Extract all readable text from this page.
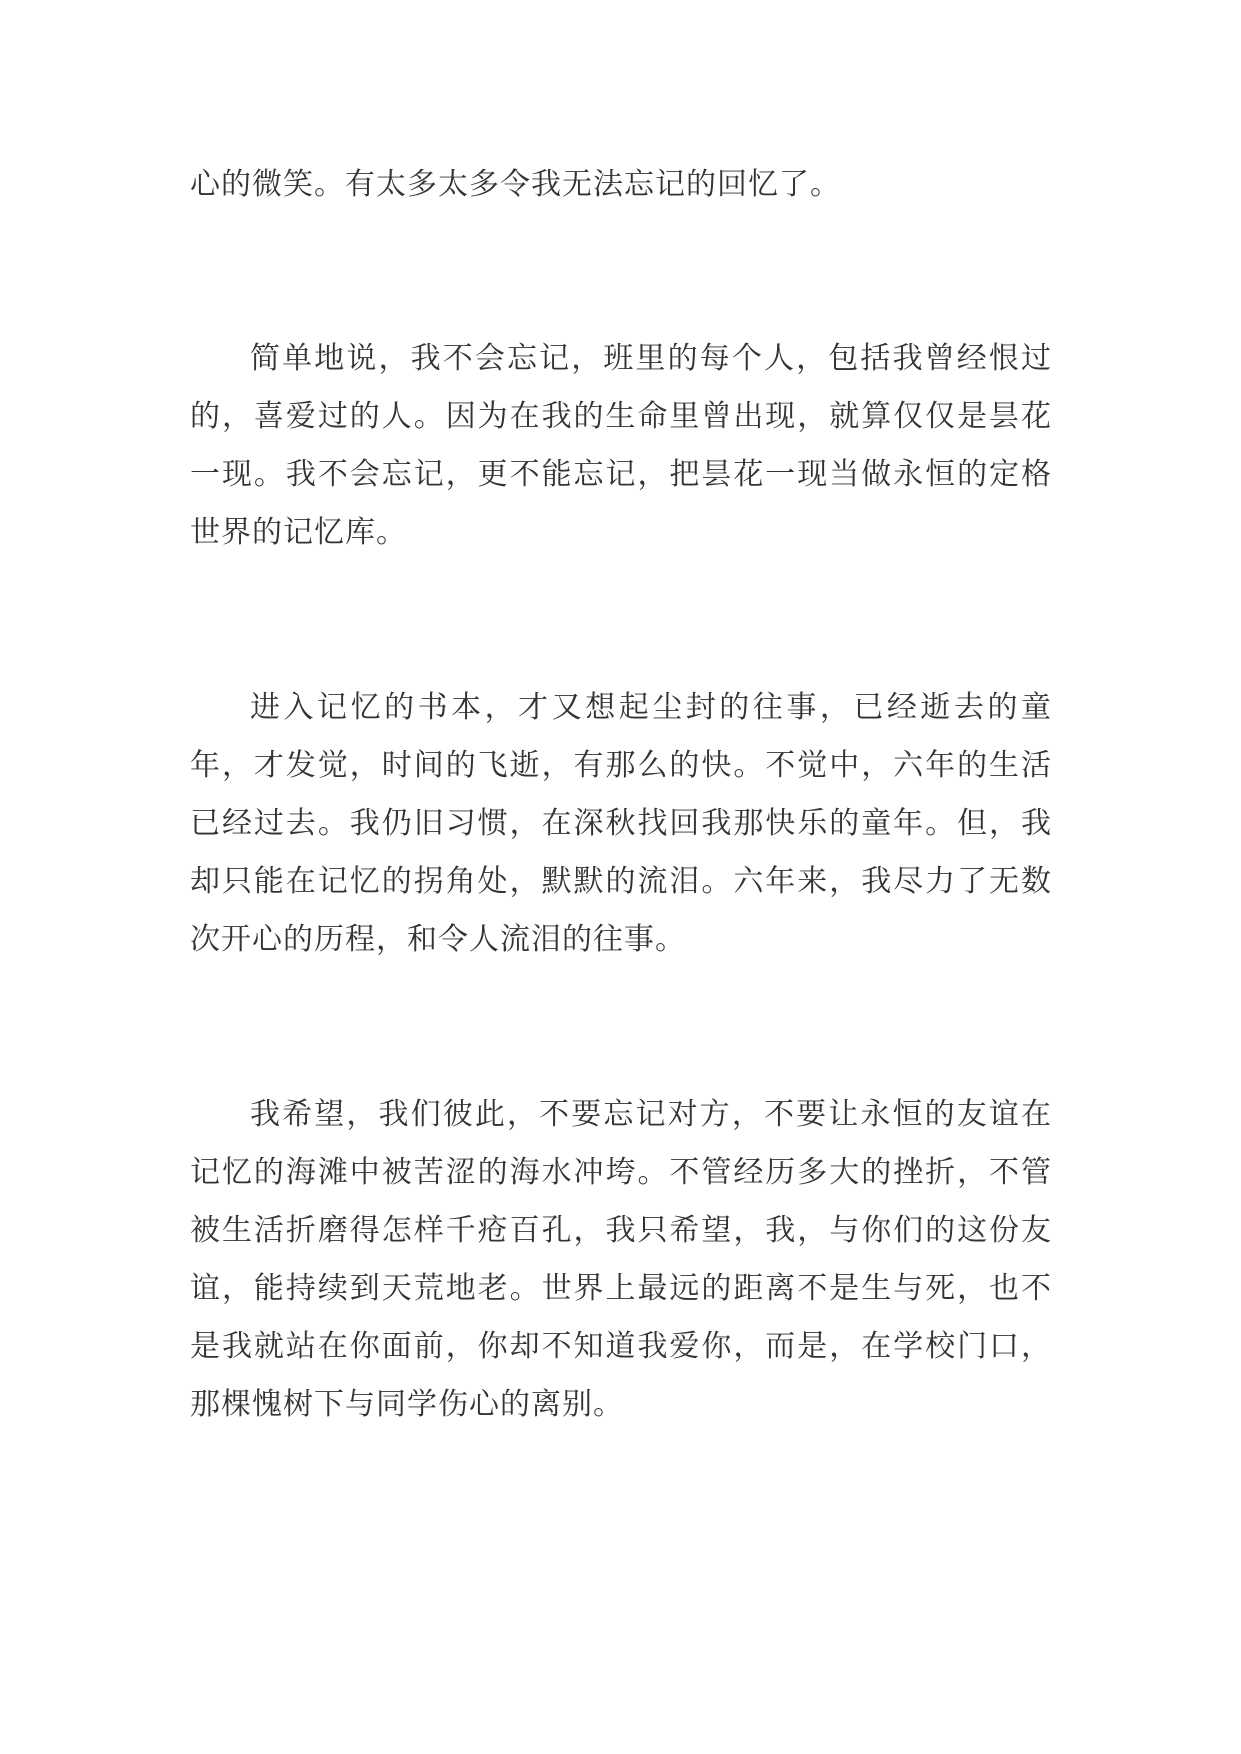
心的微笑。有太多太多令我无法忘记的回忆了。

简单地说，我不会忘记，班里的每个人，包括我曾经恨过的，喜爱过的人。因为在我的生命里曾出现，就算仅仅是昙花一现。我不会忘记，更不能忘记，把昙花一现当做永恒的定格世界的记忆库。

进入记忆的书本，才又想起尘封的往事，已经逝去的童年，才发觉，时间的飞逝，有那么的快。不觉中，六年的生活已经过去。我仍旧习惯，在深秋找回我那快乐的童年。但，我却只能在记忆的拐角处，默默的流泪。六年来，我尽力了无数次开心的历程，和令人流泪的往事。

我希望，我们彼此，不要忘记对方，不要让永恒的友谊在记忆的海滩中被苦涩的海水冲垮。不管经历多大的挫折，不管被生活折磨得怎样千疮百孔，我只希望，我，与你们的这份友谊，能持续到天荒地老。世界上最远的距离不是生与死，也不是我就站在你面前，你却不知道我爱你，而是，在学校门口，那棵愧树下与同学伤心的离别。
